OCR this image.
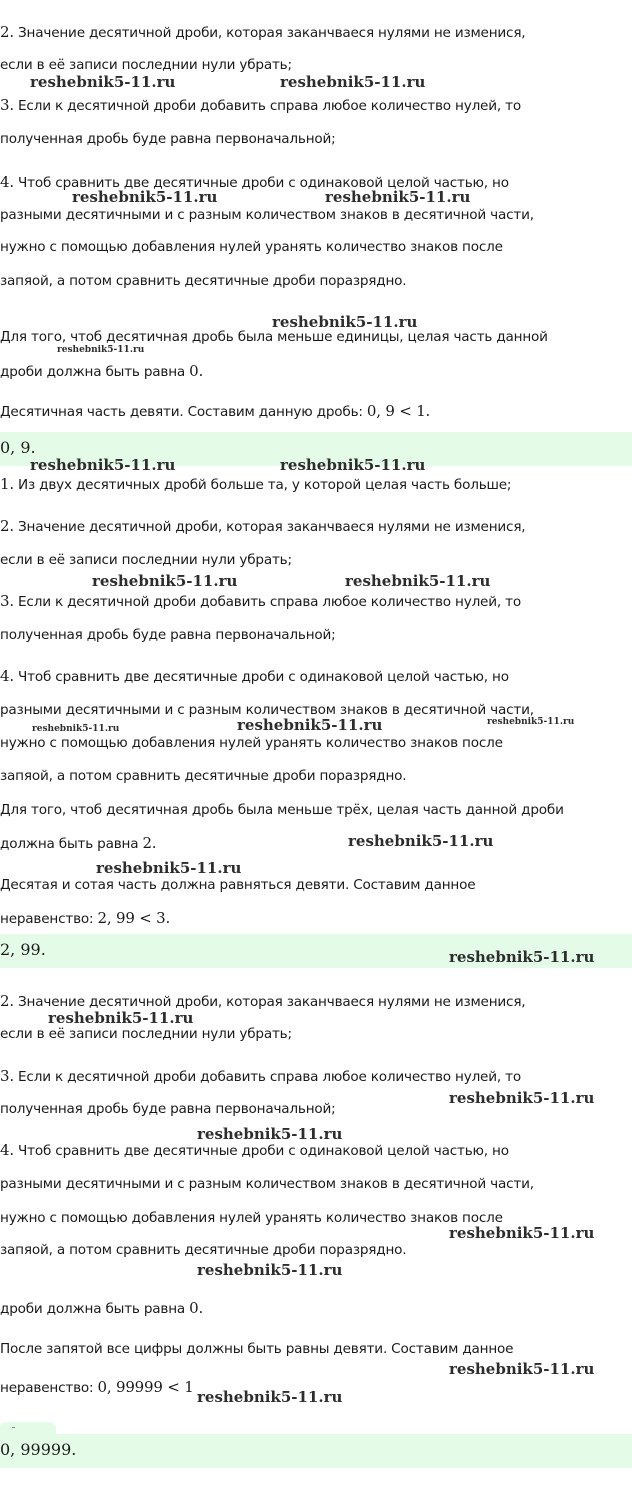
2. Значение десятичной дроби, которая заканчваеся нулями не изменися,
если в её записи последнии нули убрать;
3. Если к десятичной дроби добавить справа любое количество нулей, то
полученная дробь буде равна первоначальной;
4. Чтоб сравнить две десятичные дроби с одинаковой целой частью, но
разными десятичными и с разным количеством знаков в десятичной части,
нужно с помощью добавления нулей уранять количество знаков после
запяой, а потом сравнить десятичные дроби поразрядно.
Для того, чтоб десятичная дробь была меньше единицы, целая часть данной
дроби должна быть равна 0.
Десятичная часть девяти. Составим данную дробь: 0, 9 < 1.
0, 9.
1. Из двух десятичных дробй больше та, у которой целая часть больше;
2. Значение десятичной дроби, которая заканчваеся нулями не изменися,
если в её записи последнии нули убрать;
3. Если к десятичной дроби добавить справа любое количество нулей, то
полученная дробь буде равна первоначальной;
4. Чтоб сравнить две десятичные дроби с одинаковой целой частью, но
разными десятичными и с разным количеством знаков в десятичной части,
нужно с помощью добавления нулей уранять количество знаков после
запяой, а потом сравнить десятичные дроби поразрядно.
Для того, чтоб десятичная дробь была меньше трёх, целая часть данной дроби
должна быть равна 2.
Десятая и сотая часть должна равняться девяти. Составим данное
неравенство: 2, 99 < 3.
2, 99.
2. Значение десятичной дроби, которая заканчваеся нулями не изменися,
если в её записи последнии нули убрать;
3. Если к десятичной дроби добавить справа любое количество нулей, то
полученная дробь буде равна первоначальной;
4. Чтоб сравнить две десятичные дроби с одинаковой целой частью, но
разными десятичными и с разным количеством знаков в десятичной части,
нужно с помощью добавления нулей уранять количество знаков после
запяой, а потом сравнить десятичные дроби поразрядно.
дроби должна быть равна 0.
После запятой все цифры должны быть равны девяти. Составим данное
неравенство: 0, 99999 < 1
0, 99999.
reshebnik5-11.ru	reshebnik5-11.ru
reshebnik5-11.ru	reshebnik5-11.ru
reshebnik5-11.ru
reshebnik5-11.ru
reshebnik5-11.ru	reshebnik5-11.ru
reshebnik5-11.ru	reshebnik5-11.ru
reshebnik5-11.ru	reshebnik5-11.ru	reshebnik5-11.ru
reshebnik5-11.ru
reshebnik5-11.ru
reshebnik5-11.ru
reshebnik5-11.ru
reshebnik5-11.ru
reshebnik5-11.ru
reshebnik5-11.ru
reshebnik5-11.ru
reshebnik5-11.ru
reshebnik5-11.ru
